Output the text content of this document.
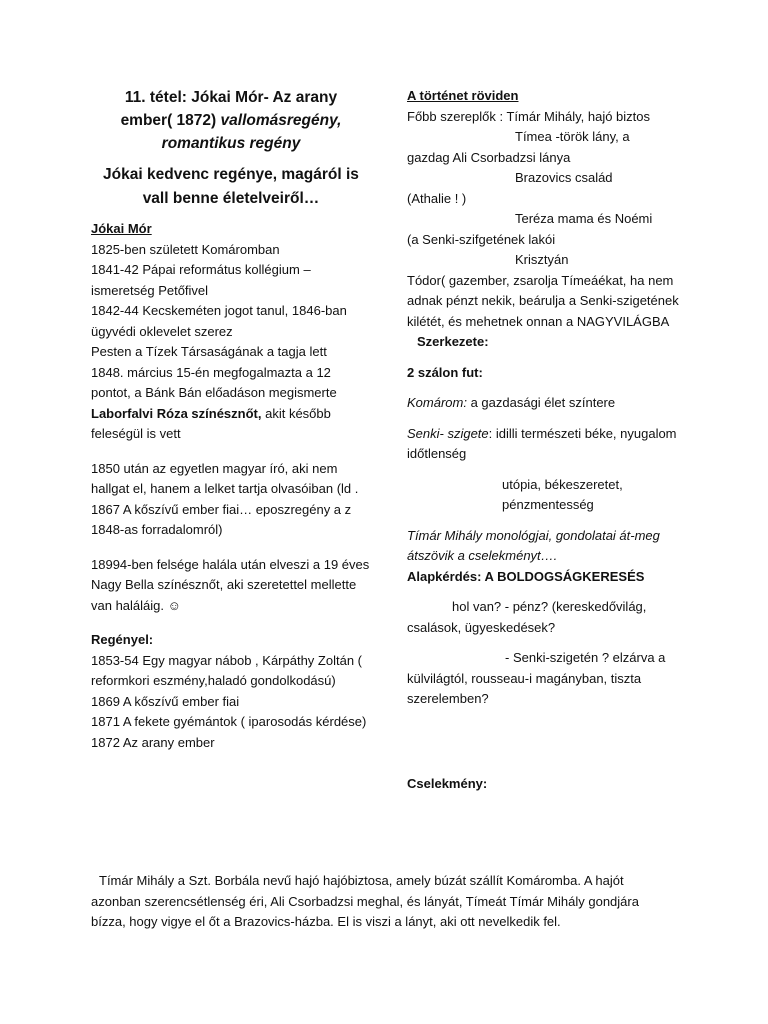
11. tétel: Jókai Mór- Az arany
ember( 1872) vallomásregény,
romantikus regény

Jókai kedvenc regénye, magáról is vall benne életelveiről…

Jókai Mór

1825-ben született Komáromban
1841-42 Pápai református kollégium – ismeretség Petőfivel
1842-44 Kecskeméten jogot tanul, 1846-ban ügyvédi oklevelet szerez
Pesten a Tízek Társaságának a tagja lett
1848. március 15-én megfogalmazta a 12 pontot, a Bánk Bán előadáson megismerte
Laborfalvi Róza színésznőt, akit később feleségül is vett
1850 után az egyetlen magyar író, aki nem hallgat el, hanem a lelket tartja olvasóiban (ld . 1867 A kőszívű ember fiai… eposzregény a z 1848-as forradalomról)
18994-ben felsége halála után elveszi a 19 éves Nagy Bella színésznőt, aki szeretettel mellette van haláláig. ☺

Regényel:

1853-54 Egy magyar nábob , Kárpáthy Zoltán ( reformkori eszmény,haladó gondolkodású)
1869 A kőszívű ember fiai
1871 A fekete gyémántok ( iparosodás kérdése)
1872 Az arany ember

A történet röviden

Főbb szereplők : Tímár Mihály, hajó biztos
Tímea -török lány, a
gazdag Ali Csorbadzsi lánya
Brazovics család
(Athalie ! )
Teréza mama és Noémi
(a Senki-szifgetének lakói
Krisztyán
Tódor( gazember, zsarolja Tímeáékat, ha nem adnak pénzt nekik, beárulja a Senki-szigetének kilétét, és mehetnek onnan a NAGYVILÁGBA

Szerkezete:

2 szálon fut:

Komárom: a gazdasági élet színtere
Senki- szigete: idilli természeti béke, nyugalom időtlenség
utópia, békeszeretet, pénzmentesség
Tímár Mihály monológjai, gondolatai át-meg átszövik a cselekményt….

Alapkérdés: A BOLDOGSÁGKERESÉS

hol van? - pénz? (kereskedővilág, csalások, ügyeskedések?
- Senki-szigetén ? elzárva a külvilágtól, rousseau-i magányban, tiszta szerelemben?

Cselekmény:

Tímár Mihály a Szt. Borbála nevű hajó hajóbiztosa, amely búzát szállít Komáromba. A hajót azonban szerencsétlenség éri, Ali Csorbadzsi meghal, és lányát, Tímeát Tímár Mihály gondjára bízza, hogy vigye el őt a Brazovics-házba. El is viszi a lányt, aki ott nevelkedik fel.
